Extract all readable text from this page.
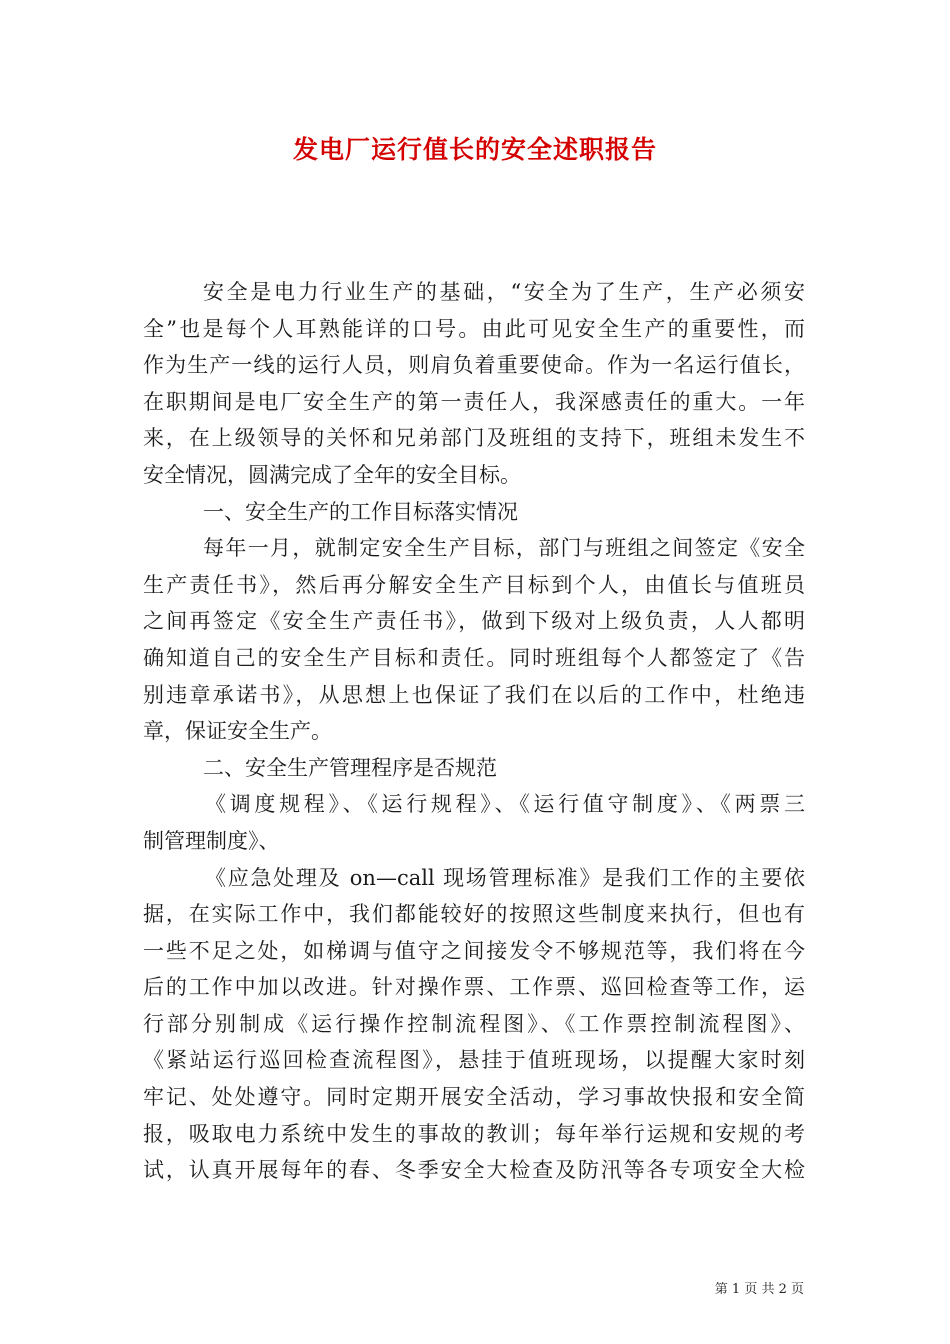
发电厂运行值长的安全述职报告
安全是电力行业生产的基础，“安全为了生产，生产必须安
全”也是每个人耳熟能详的口号。由此可见安全生产的重要性，而
作为生产一线的运行人员，则肩负着重要使命。作为一名运行值长，
在职期间是电厂安全生产的第一责任人，我深感责任的重大。一年
来，在上级领导的关怀和兄弟部门及班组的支持下，班组未发生不
安全情况，圆满完成了全年的安全目标。
一、安全生产的工作目标落实情况
每年一月，就制定安全生产目标，部门与班组之间签定《安全
生产责任书》，然后再分解安全生产目标到个人，由值长与值班员
之间再签定《安全生产责任书》，做到下级对上级负责，人人都明
确知道自己的安全生产目标和责任。同时班组每个人都签定了《告
别违章承诺书》，从思想上也保证了我们在以后的工作中，杜绝违
章，保证安全生产。
二、安全生产管理程序是否规范
《调度规程》、《运行规程》、《运行值守制度》、《两票三
制管理制度》、
《应急处理及 on—call 现场管理标准》是我们工作的主要依
据，在实际工作中，我们都能较好的按照这些制度来执行，但也有
一些不足之处，如梯调与值守之间接发令不够规范等，我们将在今
后的工作中加以改进。针对操作票、工作票、巡回检查等工作，运
行部分别制成《运行操作控制流程图》、《工作票控制流程图》、
《紧站运行巡回检查流程图》，悬挂于值班现场，以提醒大家时刻
牢记、处处遵守。同时定期开展安全活动，学习事故快报和安全简
报，吸取电力系统中发生的事故的教训；每年举行运规和安规的考
试，认真开展每年的春、冬季安全大检查及防汛等各专项安全大检
第 1 页 共 2 页
